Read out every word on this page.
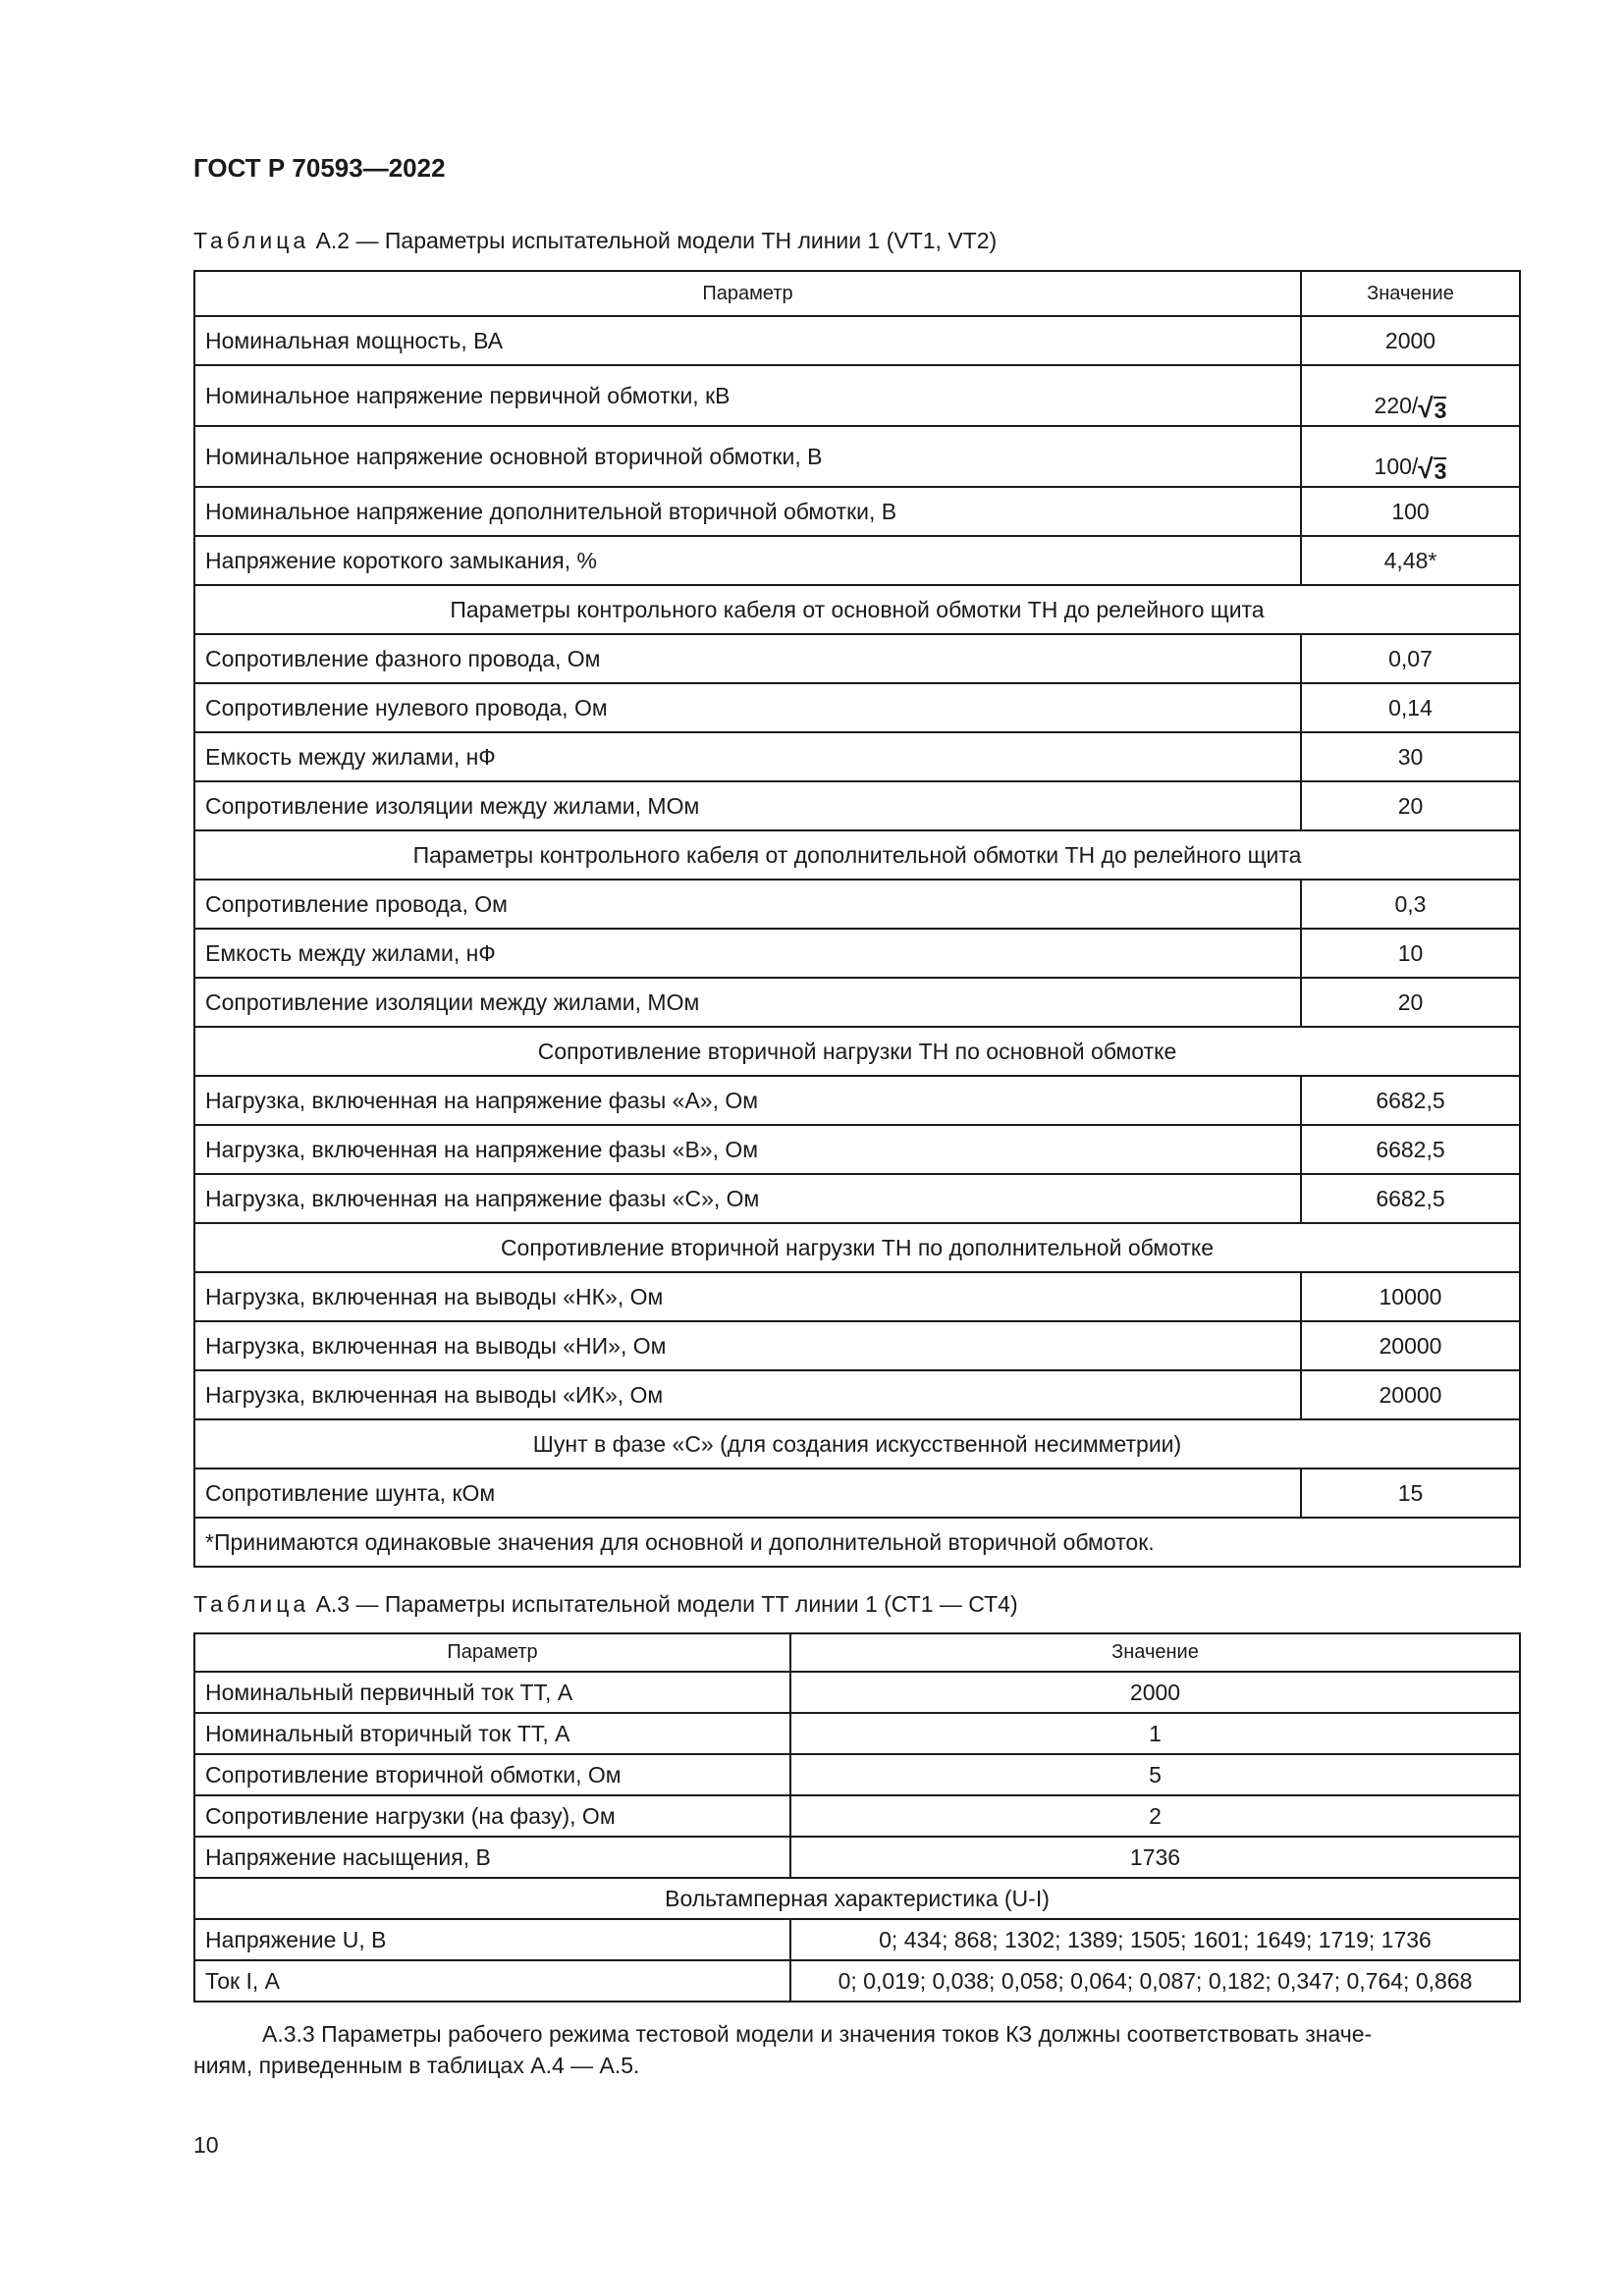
ГОСТ Р 70593—2022
Таблица А.2 — Параметры испытательной модели ТН линии 1 (VT1, VT2)
Параметр	Значение
Номинальная мощность, ВА	2000
Номинальное напряжение первичной обмотки, кВ	220/ √ 3

Номинальное напряжение основной вторичной обмотки, В	100/ √ 3

Номинальное напряжение дополнительной вторичной обмотки, В	100
Напряжение короткого замыкания, %	4,48*
Параметры контрольного кабеля от основной обмотки ТН до релейного щита	
Сопротивление фазного провода, Ом	0,07
Сопротивление нулевого провода, Ом	0,14
Емкость между жилами, нФ	30
Сопротивление изоляции между жилами, МОм	20
Параметры контрольного кабеля от дополнительной обмотки ТН до релейного щита	
Сопротивление провода, Ом	0,3
Емкость между жилами, нФ	10
Сопротивление изоляции между жилами, МОм	20
Сопротивление вторичной нагрузки ТН по основной обмотке	
Нагрузка, включенная на напряжение фазы «А», Ом	6682,5
Нагрузка, включенная на напряжение фазы «В», Ом	6682,5
Нагрузка, включенная на напряжение фазы «С», Ом	6682,5
Сопротивление вторичной нагрузки ТН по дополнительной обмотке	
Нагрузка, включенная на выводы «НК», Ом	10000
Нагрузка, включенная на выводы «НИ», Ом	20000
Нагрузка, включенная на выводы «ИК», Ом	20000
Шунт в фазе «С» (для создания искусственной несимметрии)	
Сопротивление шунта, кОм	15
*Принимаются одинаковые значения для основной и дополнительной вторичной обмоток.	
Таблица А.3 — Параметры испытательной модели ТТ линии 1 (СТ1 — СТ4)
Параметр	Значение
Номинальный первичный ток ТТ, А	2000
Номинальный вторичный ток ТТ, А	1
Сопротивление вторичной обмотки, Ом	5
Сопротивление нагрузки (на фазу), Ом	2
Напряжение насыщения, В	1736
Вольтамперная характеристика (U-I)	
Напряжение U, В	0; 434; 868; 1302; 1389; 1505; 1601; 1649; 1719; 1736
Ток I, А	0; 0,019; 0,038; 0,058; 0,064; 0,087; 0,182; 0,347; 0,764; 0,868
А.3.3 Параметры рабочего режима тестовой модели и значения токов КЗ должны соответствовать значе-
ниям, приведенным в таблицах А.4 — А.5.
10
